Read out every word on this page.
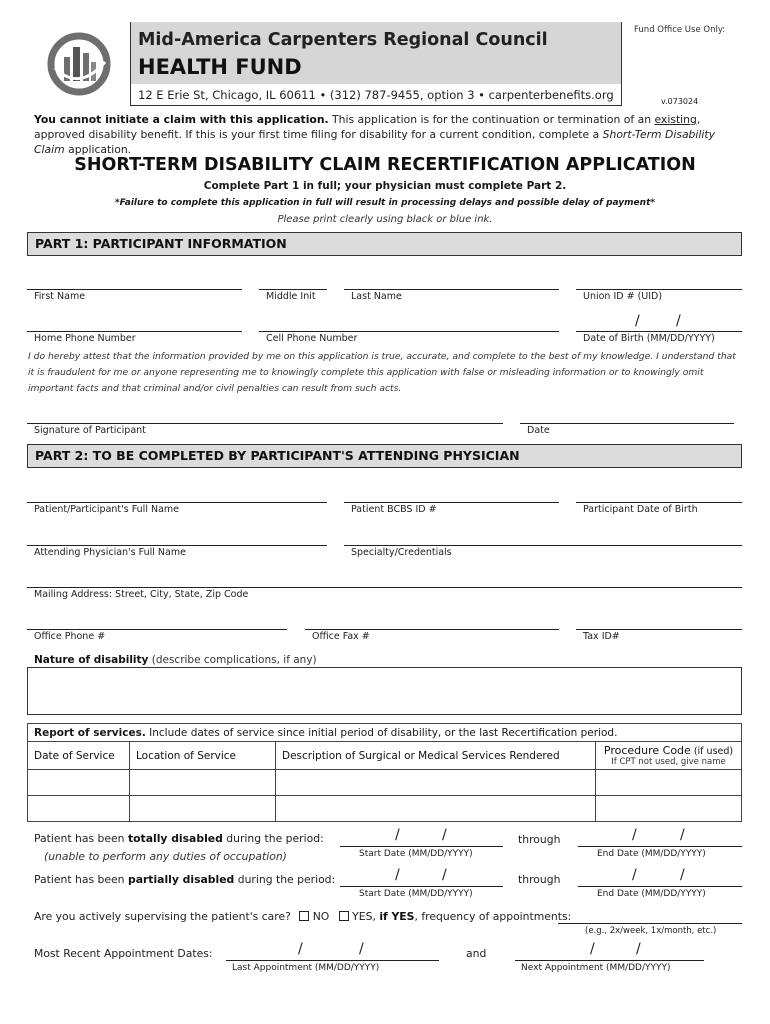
Mid-America Carpenters Regional Council
HEALTH FUND
12 E Erie St, Chicago, IL 60611 • (312) 787-9455, option 3 • carpenterbenefits.org
Fund Office Use Only:
v.073024
You cannot initiate a claim with this application. This application is for the continuation or termination of an existing, approved disability benefit. If this is your first time filing for disability for a current condition, complete a Short-Term Disability Claim application.
SHORT-TERM DISABILITY CLAIM RECERTIFICATION APPLICATION
Complete Part 1 in full; your physician must complete Part 2.
*Failure to complete this application in full will result in processing delays and possible delay of payment*
Please print clearly using black or blue ink.
PART 1: PARTICIPANT INFORMATION
First Name	Middle Init	Last Name	Union ID # (UID)
/	/
Home Phone Number	Cell Phone Number	Date of Birth (MM/DD/YYYY)
I do hereby attest that the information provided by me on this application is true, accurate, and complete to the best of my knowledge. I understand that it is fraudulent for me or anyone representing me to knowingly complete this application with false or misleading information or to knowingly omit important facts and that criminal and/or civil penalties can result from such acts.
Signature of Participant	Date
PART 2: TO BE COMPLETED BY PARTICIPANT'S ATTENDING PHYSICIAN
Patient/Participant's Full Name	Patient BCBS ID #	Participant Date of Birth
Attending Physician's Full Name	Specialty/Credentials
Mailing Address: Street, City, State, Zip Code
Office Phone #	Office Fax #	Tax ID#
Nature of disability (describe complications, if any)
Report of services. Include dates of service since initial period of disability, or the last Recertification period.			
Date of Service	Location of Service	Description of Surgical or Medical Services Rendered	Procedure Code (if used)
If CPT not used, give name

Patient has been totally disabled during the period:
(unable to perform any duties of occupation)
/	/
Start Date (MM/DD/YYYY)
through	/	/
End Date (MM/DD/YYYY)
Patient has been partially disabled during the period:	/	/
Start Date (MM/DD/YYYY)
through	/	/
End Date (MM/DD/YYYY)
Are you actively supervising the patient's care? NO YES, if YES, frequency of appointments:
(e.g., 2x/week, 1x/month, etc.)
Most Recent Appointment Dates:	/	/
Last Appointment (MM/DD/YYYY)
and	/	/
Next Appointment (MM/DD/YYYY)
